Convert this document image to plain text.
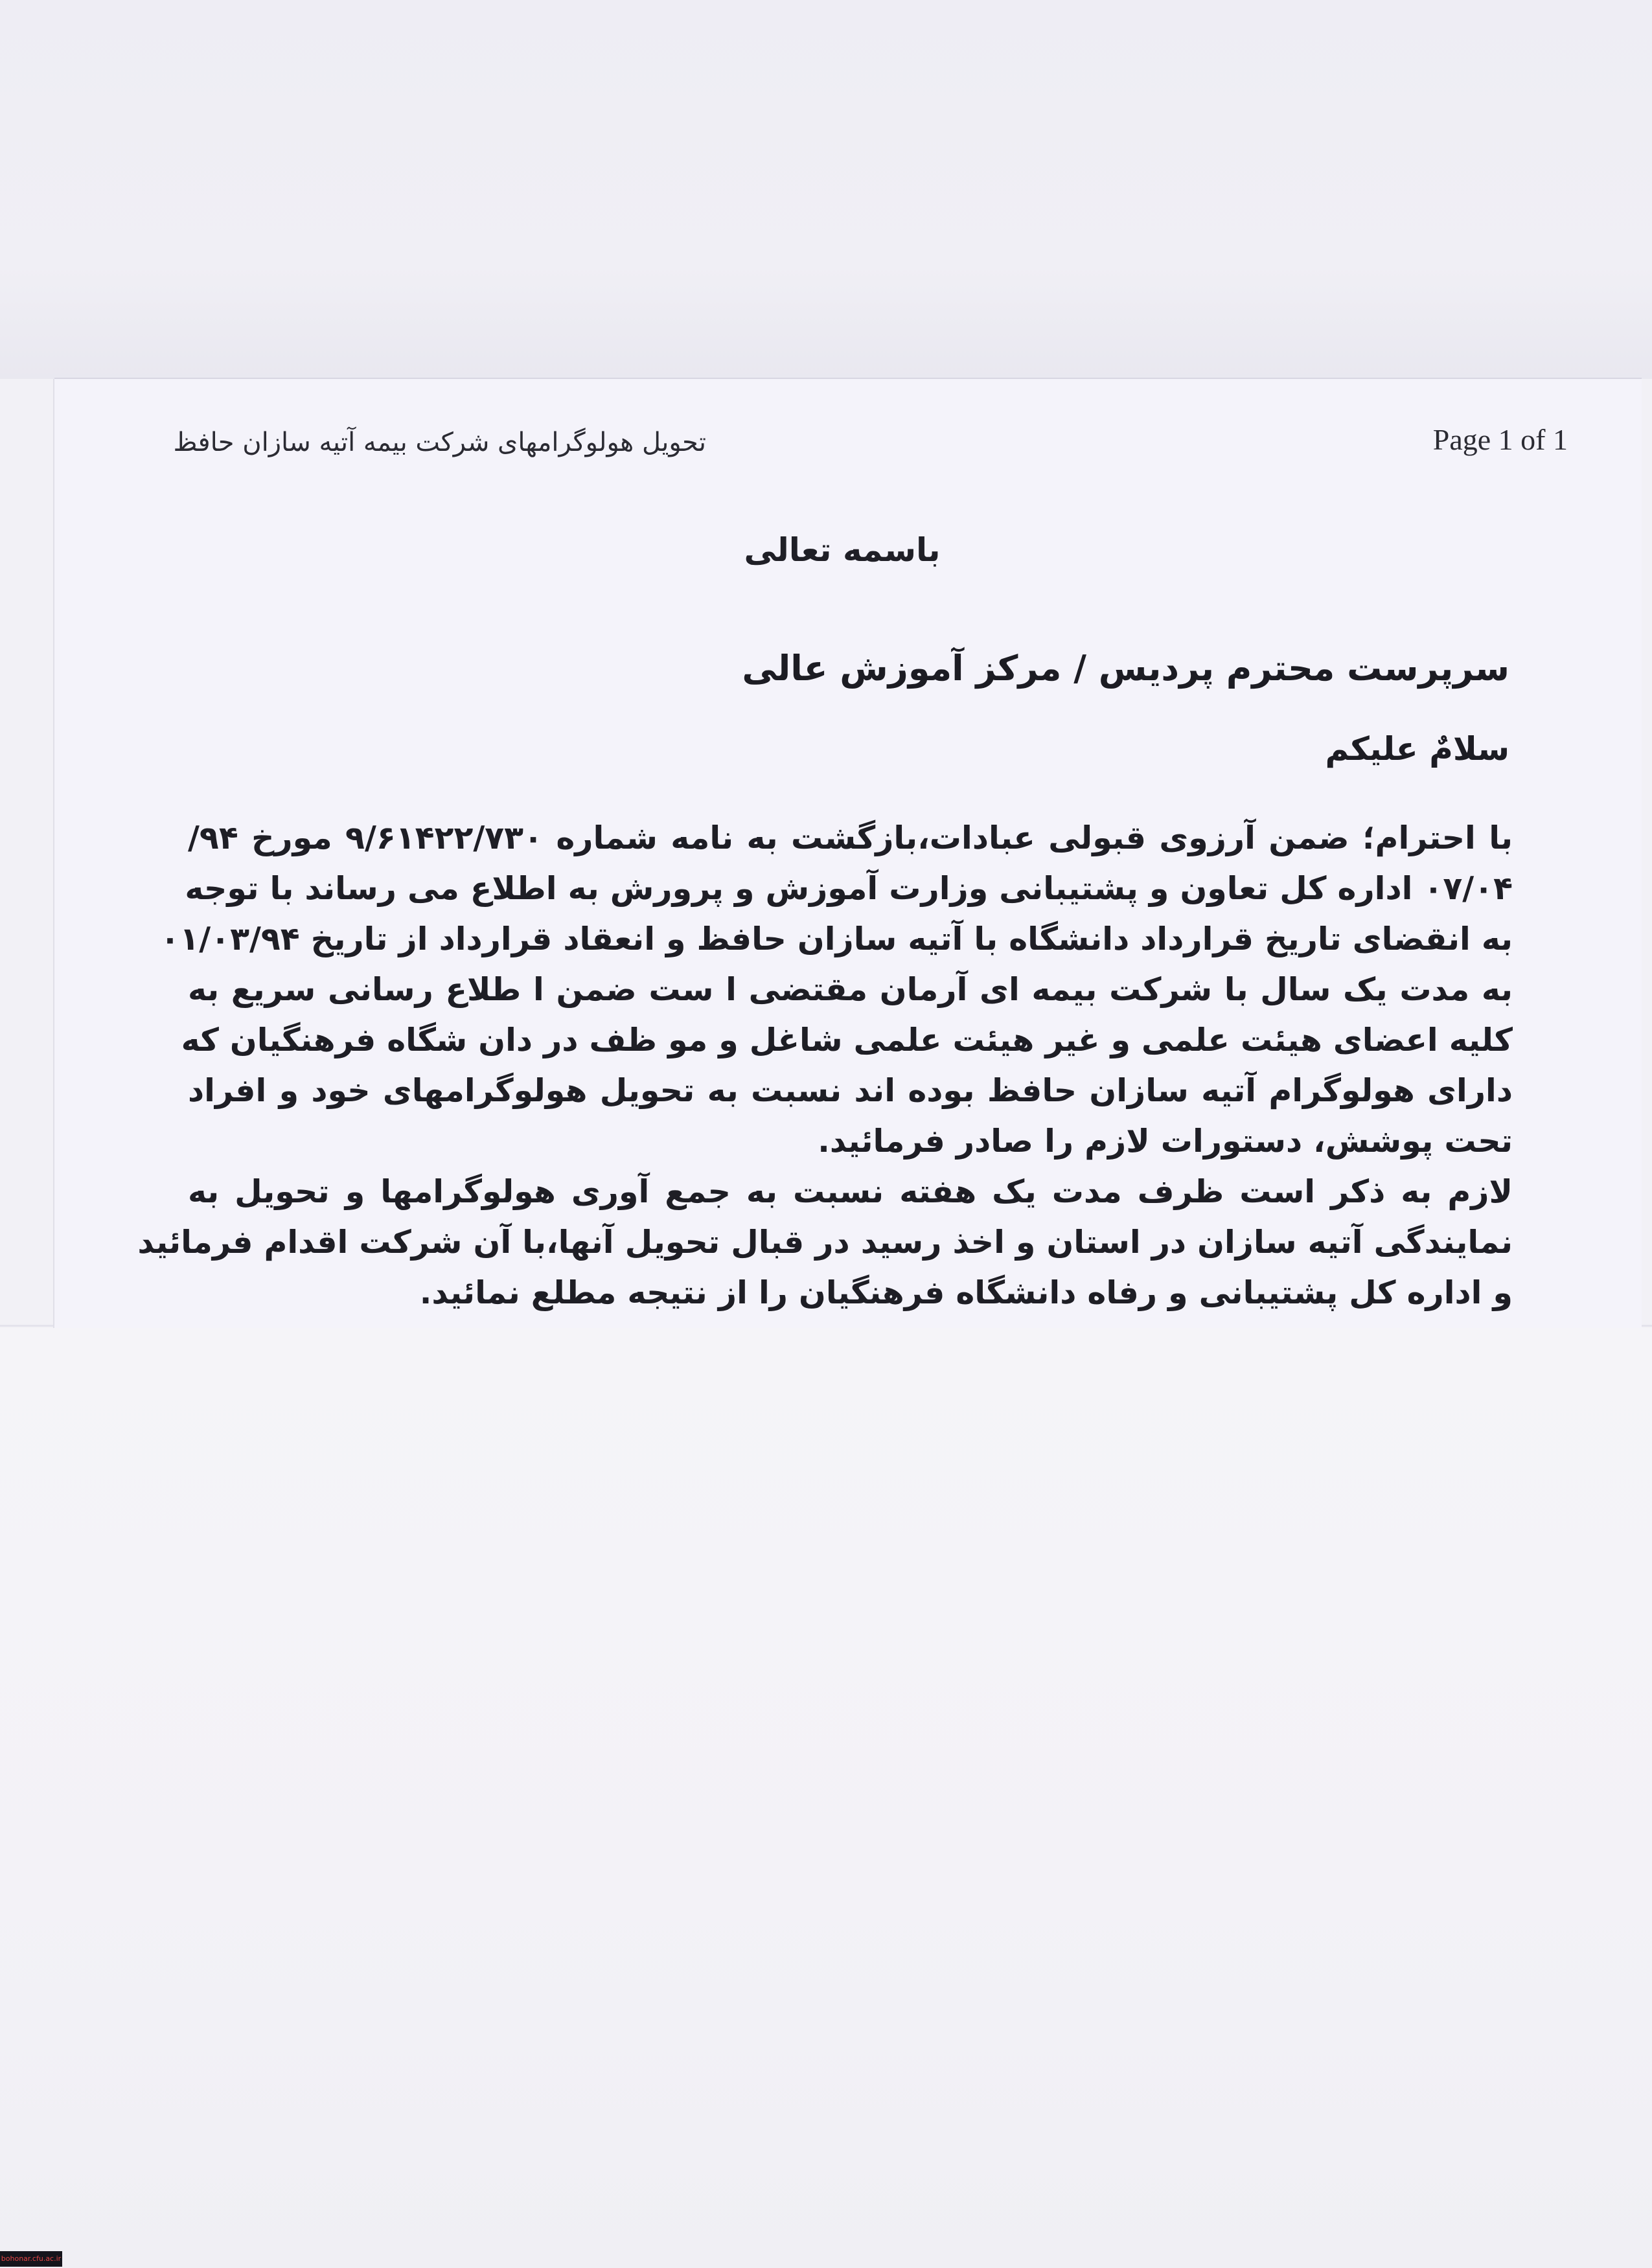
تحویل هولوگرامهای شرکت بیمه آتیه سازان حافظ	Page 1 of 1
باسمه تعالی
سرپرست محترم پردیس / مرکز آموزش عالی
سلامٌ علیکم
با احترام؛ ضمن آرزوی قبولی عبادات،بازگشت به نامه شماره ۹/۶۱۴۲۲/۷۳۰ مورخ ۹۴/
۰۷/۰۴ اداره کل تعاون و پشتیبانی وزارت آموزش و پرورش به اطلاع می رساند با توجه
به انقضای تاریخ قرارداد دانشگاه با آتیه سازان حافظ و انعقاد قرارداد از تاریخ ۰۱/۰۳/۹۴
به مدت یک سال با شرکت بیمه ای آرمان مقتضی ا ست ضمن ا طلاع رسانی سریع به
کلیه اعضای هیئت علمی و غیر هیئت علمی شاغل و مو ظف در دان شگاه فرهنگیان که
دارای هولوگرام آتیه سازان حافظ بوده اند نسبت به تحویل هولوگرامهای خود و افراد
تحت پوشش، دستورات لازم را صادر فرمائید.
لازم به ذکر است ظرف مدت یک هفته نسبت به جمع آوری هولوگرامها و تحویل به
نمایندگی آتیه سازان در استان و اخذ رسید در قبال تحویل آنها،با آن شرکت اقدام فرمائید
و اداره کل پشتیبانی و رفاه دانشگاه فرهنگیان را از نتیجه مطلع نمائید.
bohonar.cfu.ac.ir
